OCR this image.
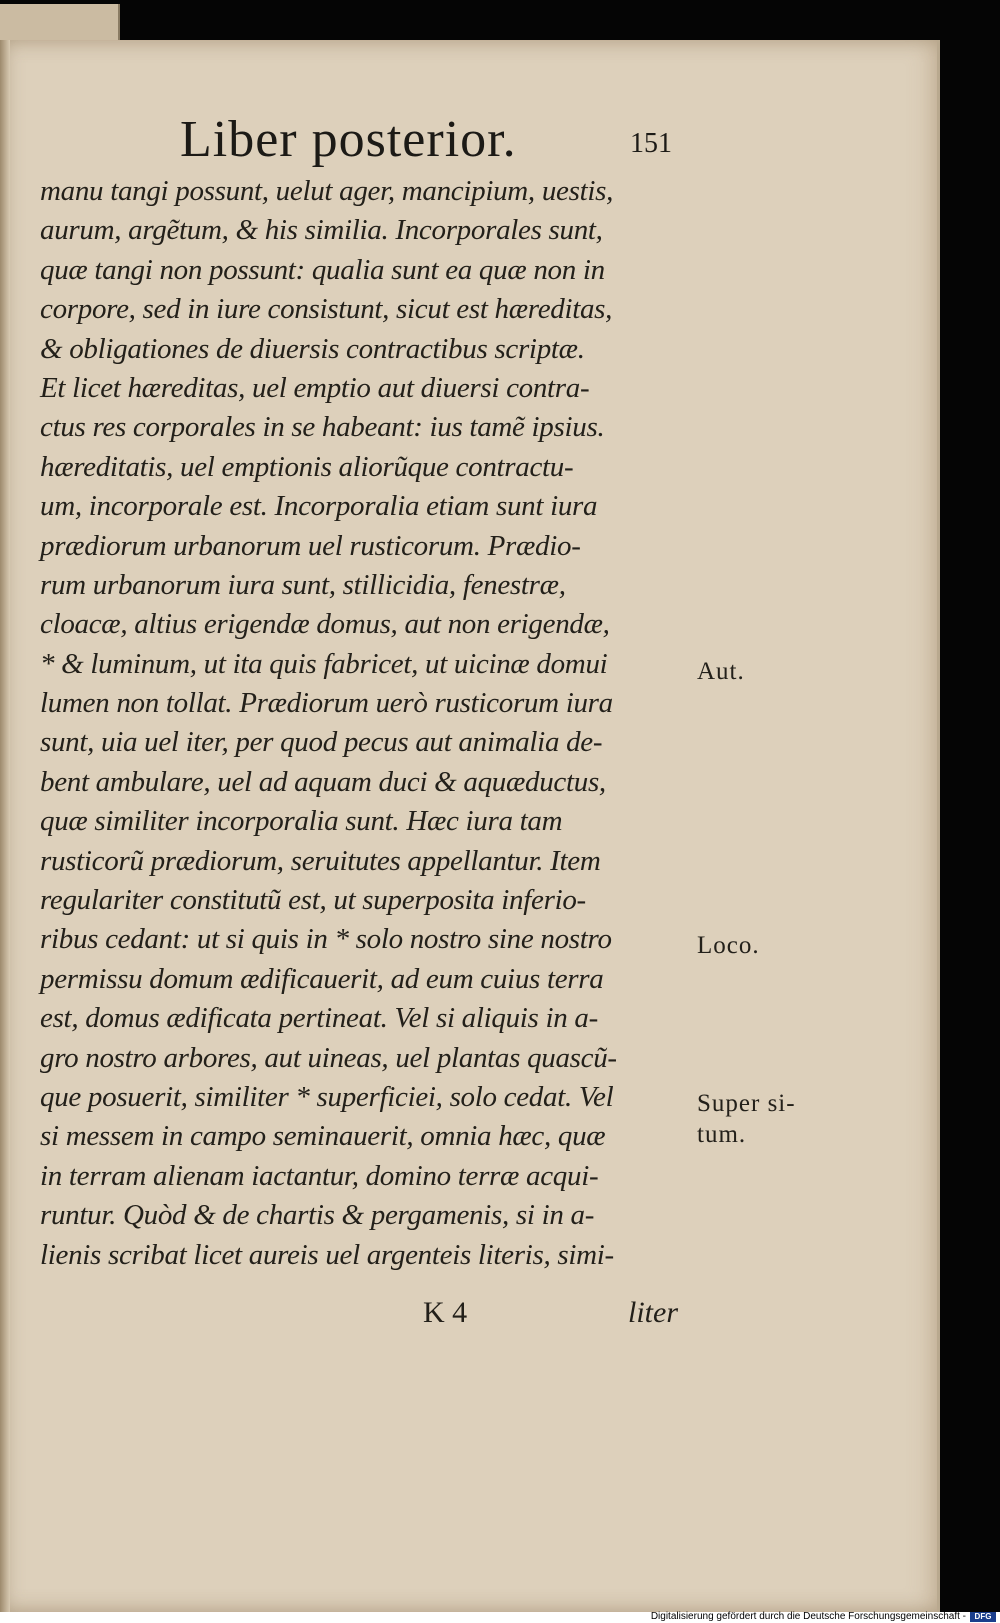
Liber posterior.	151
manu tangi possunt, uelut ager, mancipium, uestis,
aurum, argẽtum, & his similia. Incorporales sunt,
quæ tangi non possunt: qualia sunt ea quæ non in
corpore, sed in iure consistunt, sicut est hæreditas,
& obligationes de diuersis contractibus scriptæ.
Et licet hæreditas, uel emptio aut diuersi contra-
ctus res corporales in se habeant: ius tamẽ ipsius.
hæreditatis, uel emptionis aliorũque contractu-
um, incorporale est. Incorporalia etiam sunt iura
prædiorum urbanorum uel rusticorum. Prædio-
rum urbanorum iura sunt, stillicidia, fenestræ,
cloacæ, altius erigendæ domus, aut non erigendæ,
* & luminum, ut ita quis fabricet, ut uicinæ domui
lumen non tollat. Prædiorum uerò rusticorum iura
sunt, uia uel iter, per quod pecus aut animalia de-
bent ambulare, uel ad aquam duci & aquæductus,
quæ similiter incorporalia sunt. Hæc iura tam
rusticorũ prædiorum, seruitutes appellantur. Item
regulariter constitutũ est, ut superposita inferio-
ribus cedant: ut si quis in * solo nostro sine nostro
permissu domum ædificauerit, ad eum cuius terra
est, domus ædificata pertineat. Vel si aliquis in a-
gro nostro arbores, aut uineas, uel plantas quascũ-
que posuerit, similiter * superficiei, solo cedat. Vel
si messem in campo seminauerit, omnia hæc, quæ
in terram alienam iactantur, domino terræ acqui-
runtur. Quòd & de chartis & pergamenis, si in a-
lienis scribat licet aureis uel argenteis literis, simi-
Aut.
Loco.
Super si-
tum.
K 4	liter
Digitalisierung gefördert durch die Deutsche Forschungsgemeinschaft -	DFG
